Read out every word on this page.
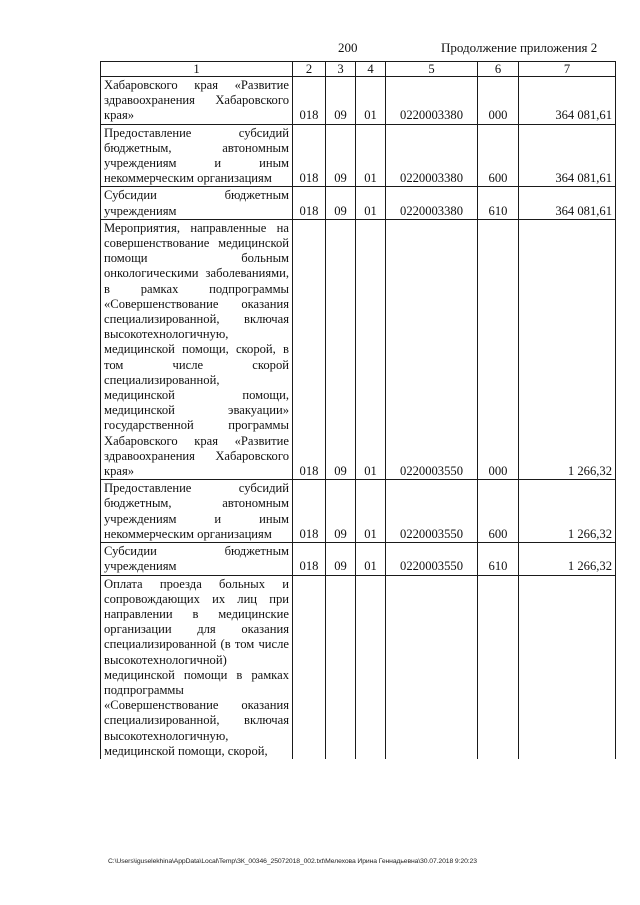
200	Продолжение приложения 2
1	2	3	4	5	6	7
Хабаровского края «Развитие здравоохранения Хабаровского края»	018	09	01	0220003380	000	364 081,61
Предоставление субсидий бюджетным, автономным учреждениям и иным некоммерческим организациям	018	09	01	0220003380	600	364 081,61
Субсидии бюджетным учреждениям	018	09	01	0220003380	610	364 081,61
Мероприятия, направленные на совершенствование медицинской помощи больным онкологическими заболеваниями, в рамках подпрограммы «Совершенствование оказания специализированной, включая высокотехнологичную, медицинской помощи, скорой, в том числе скорой специализированной, медицинской помощи, медицинской эвакуации» государственной программы Хабаровского края «Развитие здравоохранения Хабаровского края»	018	09	01	0220003550	000	1 266,32
Предоставление субсидий бюджетным, автономным учреждениям и иным некоммерческим организациям	018	09	01	0220003550	600	1 266,32
Субсидии бюджетным учреждениям	018	09	01	0220003550	610	1 266,32
Оплата проезда больных и сопровождающих их лиц при направлении в медицинские организации для оказания специализированной (в том числе высокотехнологичной) медицинской помощи в рамках подпрограммы «Совершенствование оказания специализированной, включая высокотехнологичную, медицинской помощи, скорой,						
C:\Users\iguselekhina\AppData\Local\Temp\ЗК_00346_25072018_002.txt\Мелехова Ирина Геннадьевна\30.07.2018 9:20:23
